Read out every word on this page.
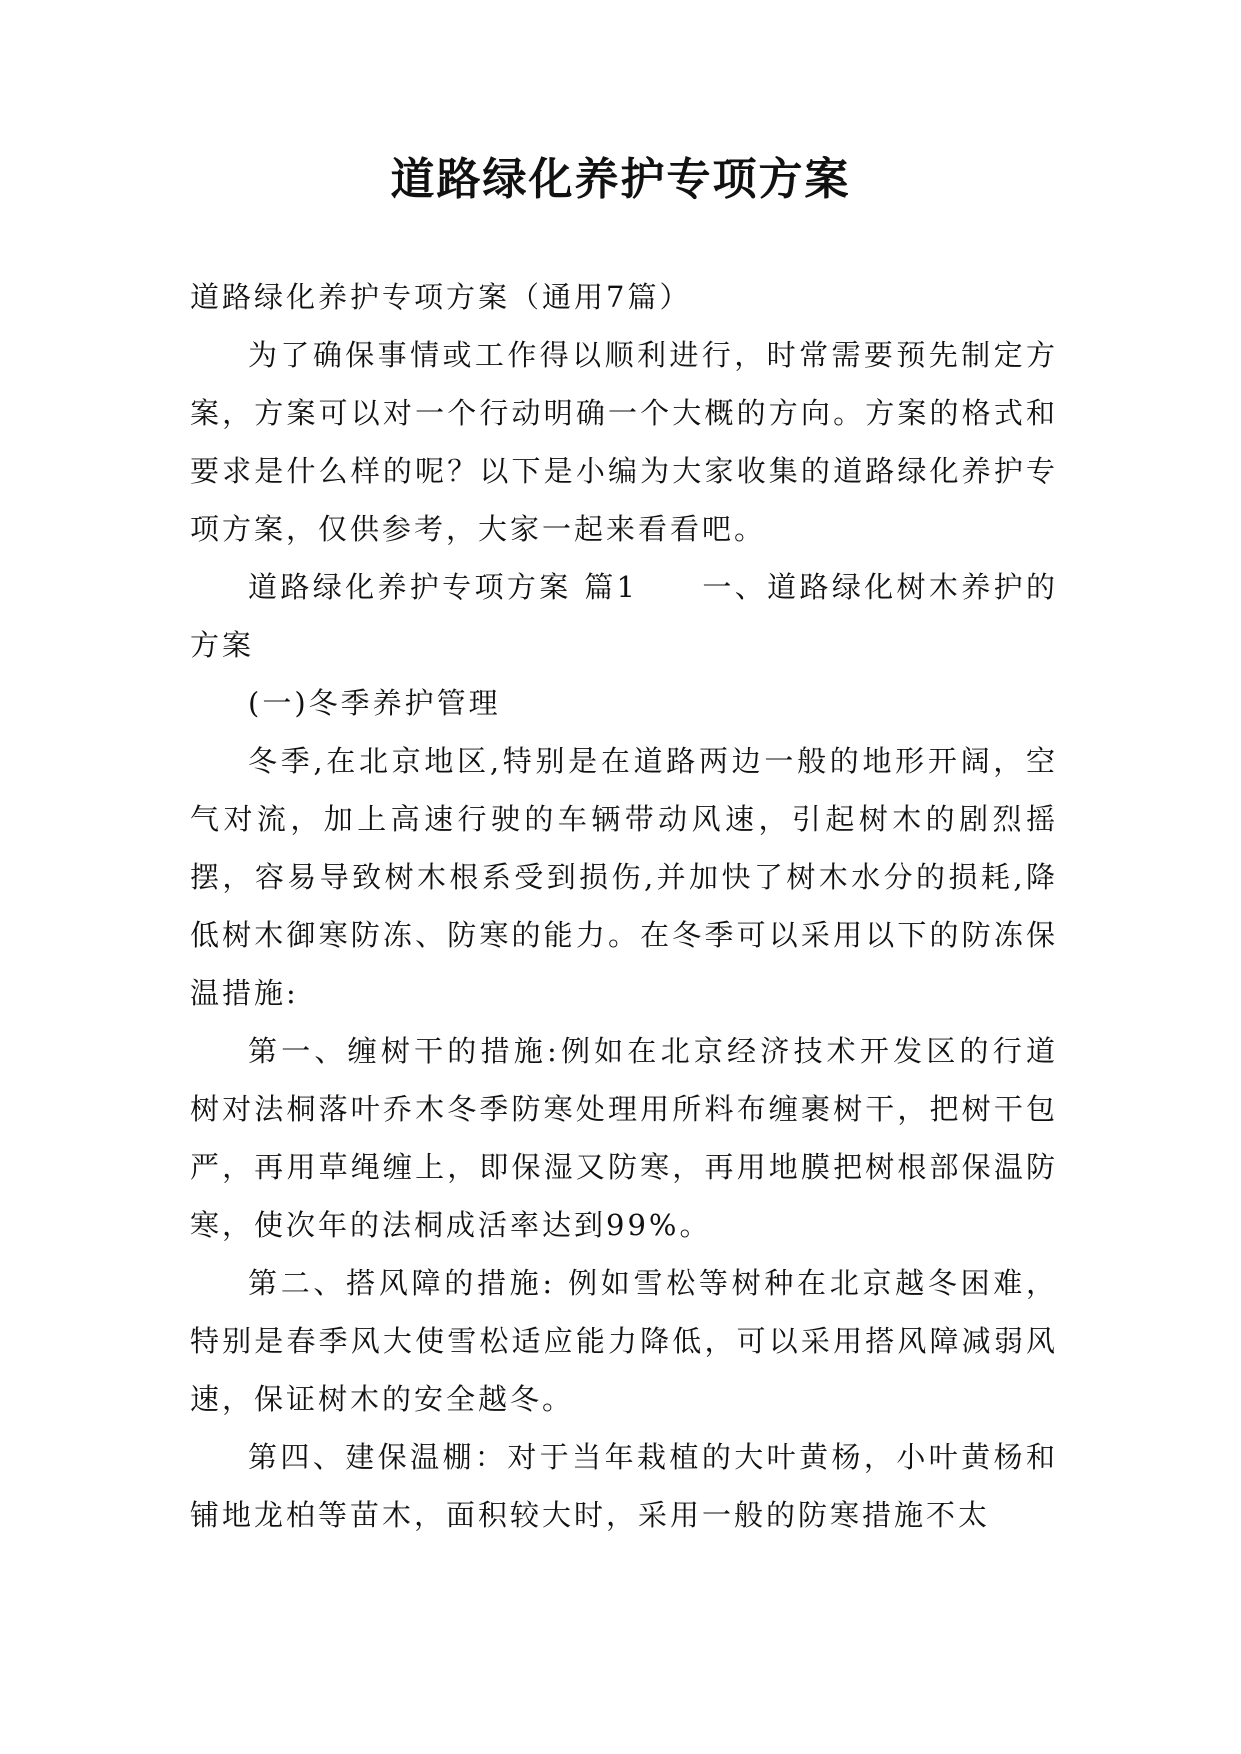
道路绿化养护专项方案

道路绿化养护专项方案（通用7篇）

为了确保事情或工作得以顺利进行，时常需要预先制定方案，方案可以对一个行动明确一个大概的方向。方案的格式和要求是什么样的呢？以下是小编为大家收集的道路绿化养护专项方案，仅供参考，大家一起来看看吧。

道路绿化养护专项方案 篇1 一、道路绿化树木养护的方案

(一)冬季养护管理

冬季,在北京地区,特别是在道路两边一般的地形开阔，空气对流，加上高速行驶的车辆带动风速，引起树木的剧烈摇摆，容易导致树木根系受到损伤,并加快了树木水分的损耗,降低树木御寒防冻、防寒的能力。在冬季可以采用以下的防冻保温措施:

第一、缠树干的措施:例如在北京经济技术开发区的行道树对法桐落叶乔木冬季防寒处理用所料布缠裹树干，把树干包严，再用草绳缠上，即保湿又防寒，再用地膜把树根部保温防寒，使次年的法桐成活率达到99%。

第二、搭风障的措施: 例如雪松等树种在北京越冬困难，特别是春季风大使雪松适应能力降低，可以采用搭风障减弱风速，保证树木的安全越冬。

第四、建保温棚：对于当年栽植的大叶黄杨，小叶黄杨和铺地龙柏等苗木，面积较大时，采用一般的防寒措施不太
